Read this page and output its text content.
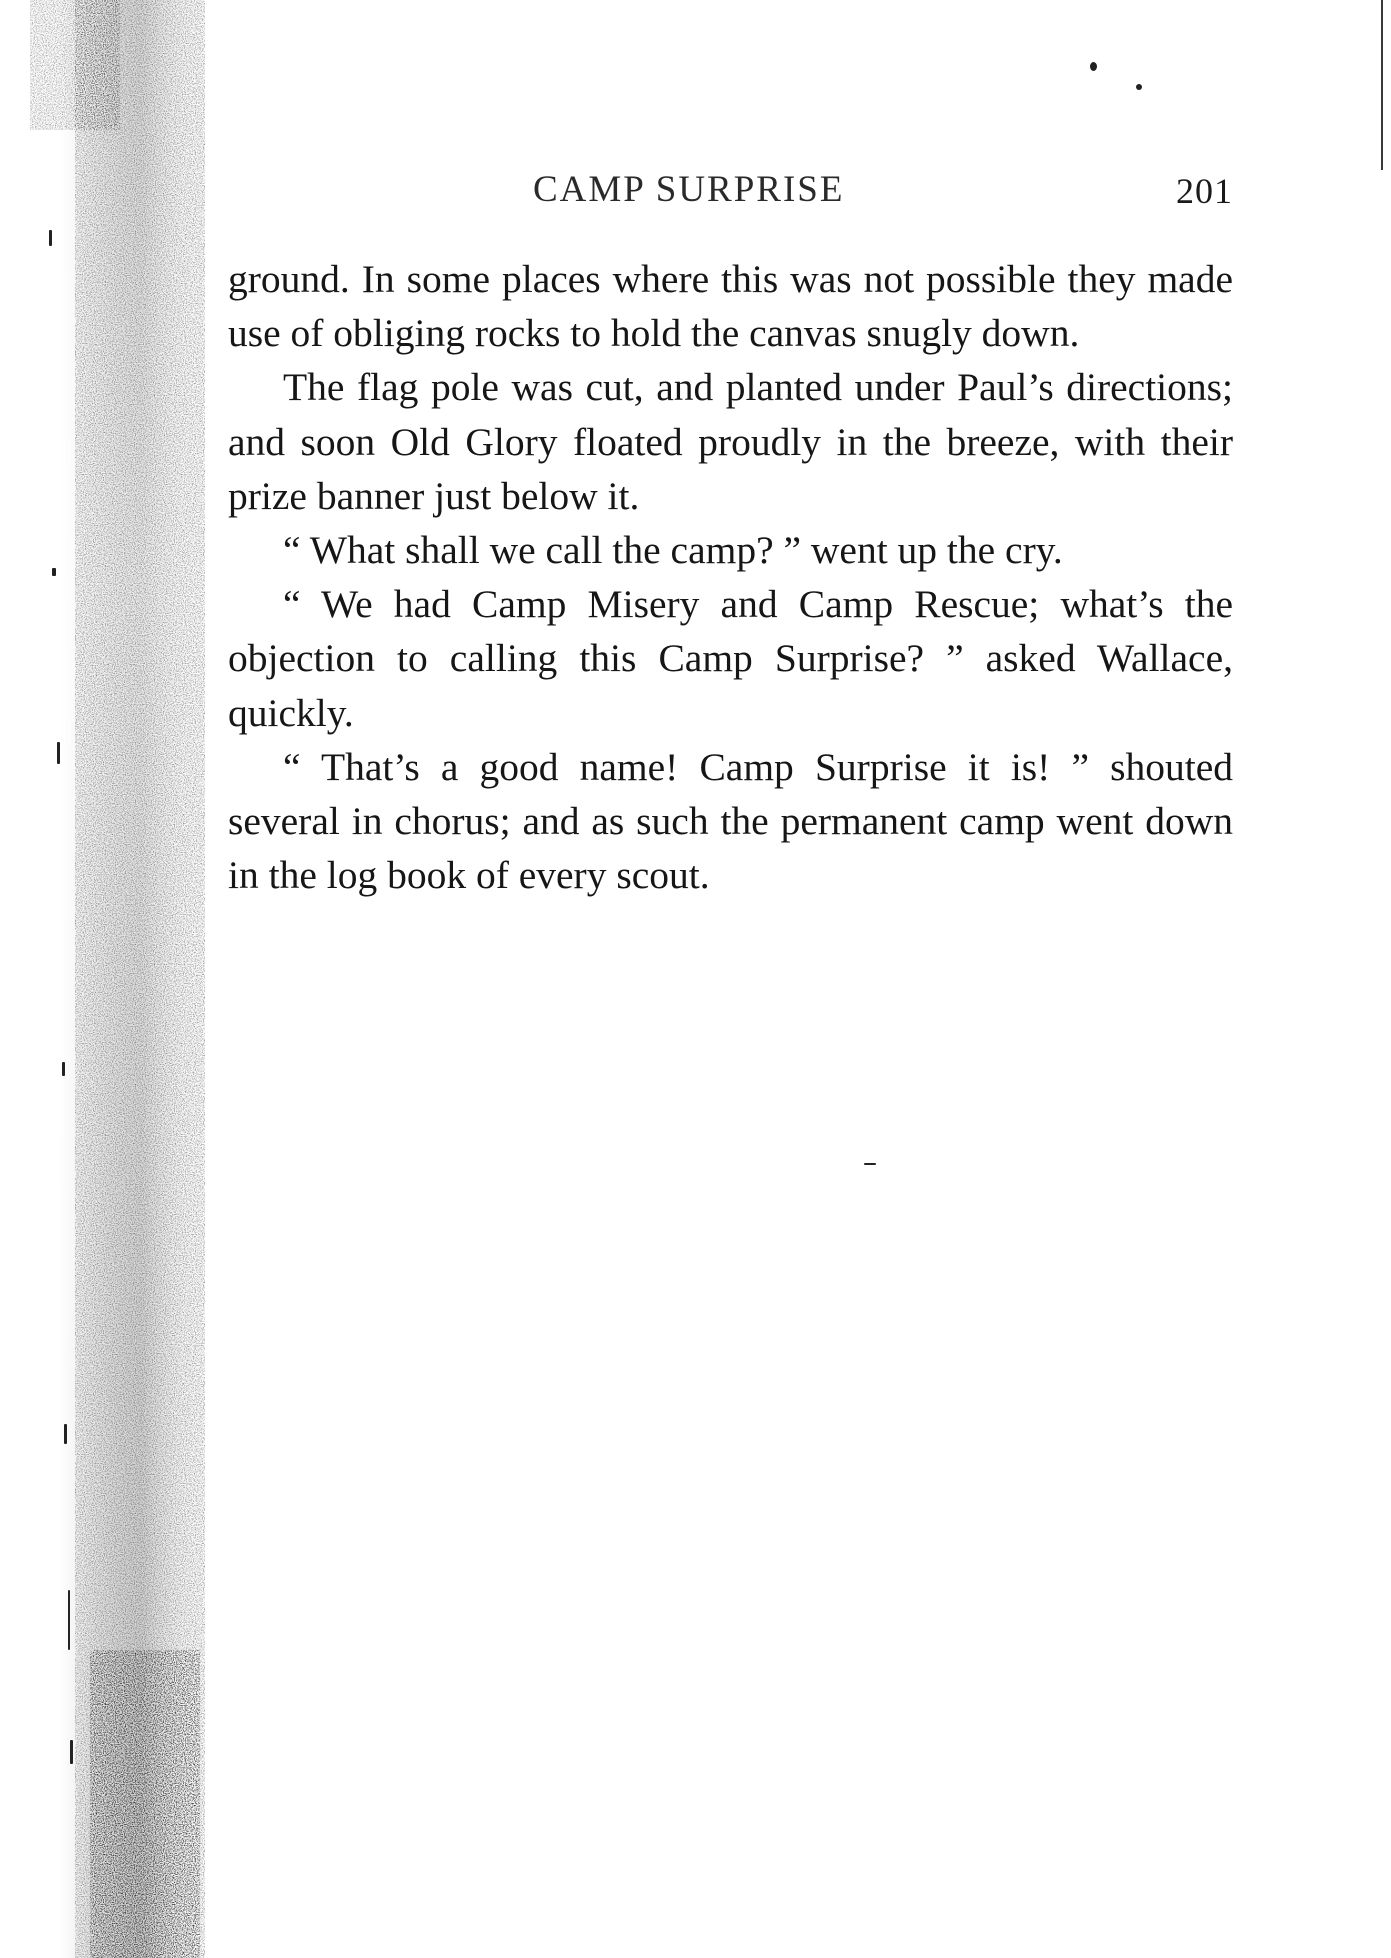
CAMP SURPRISE	201

ground. In some places where this was not possible they made use of obliging rocks to hold the canvas snugly down.

The flag pole was cut, and planted under Paul’s directions; and soon Old Glory floated proudly in the breeze, with their prize banner just below it.

“ What shall we call the camp? ” went up the cry.

“ We had Camp Misery and Camp Rescue; what’s the objection to calling this Camp Surprise? ” asked Wallace, quickly.

“ That’s a good name! Camp Surprise it is! ” shouted several in chorus; and as such the permanent camp went down in the log book of every scout.
